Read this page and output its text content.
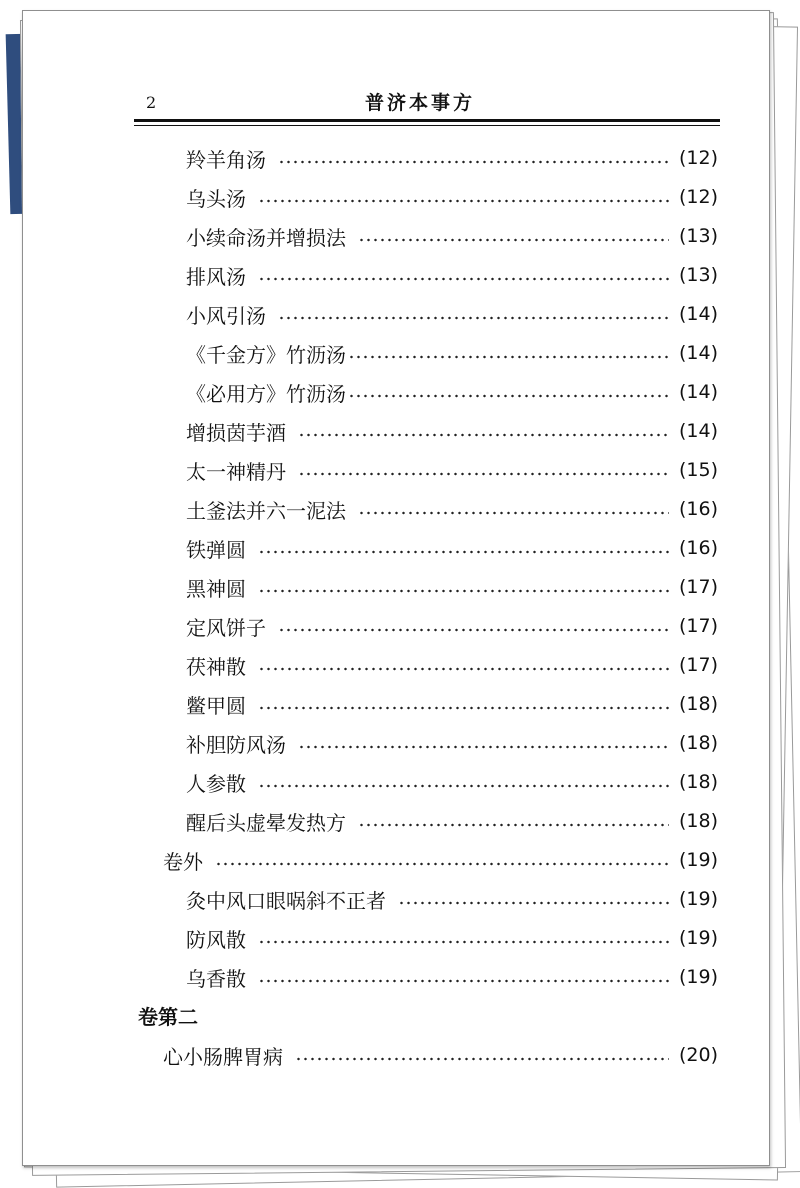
2	普济本事方
羚羊角汤	(12)
乌头汤	(12)
小续命汤并增损法	(13)
排风汤	(13)
小风引汤	(14)
《千金方》竹沥汤	(14)
《必用方》竹沥汤	(14)
增损茵芋酒	(14)
太一神精丹	(15)
土釜法并六一泥法	(16)
铁弹圆	(16)
黑神圆	(17)
定风饼子	(17)
茯神散	(17)
鳖甲圆	(18)
补胆防风汤	(18)
人参散	(18)
醒后头虚晕发热方	(18)
卷外	(19)
灸中风口眼㖞斜不正者	(19)
防风散	(19)
乌香散	(19)
卷第二
心小肠脾胃病	(20)
